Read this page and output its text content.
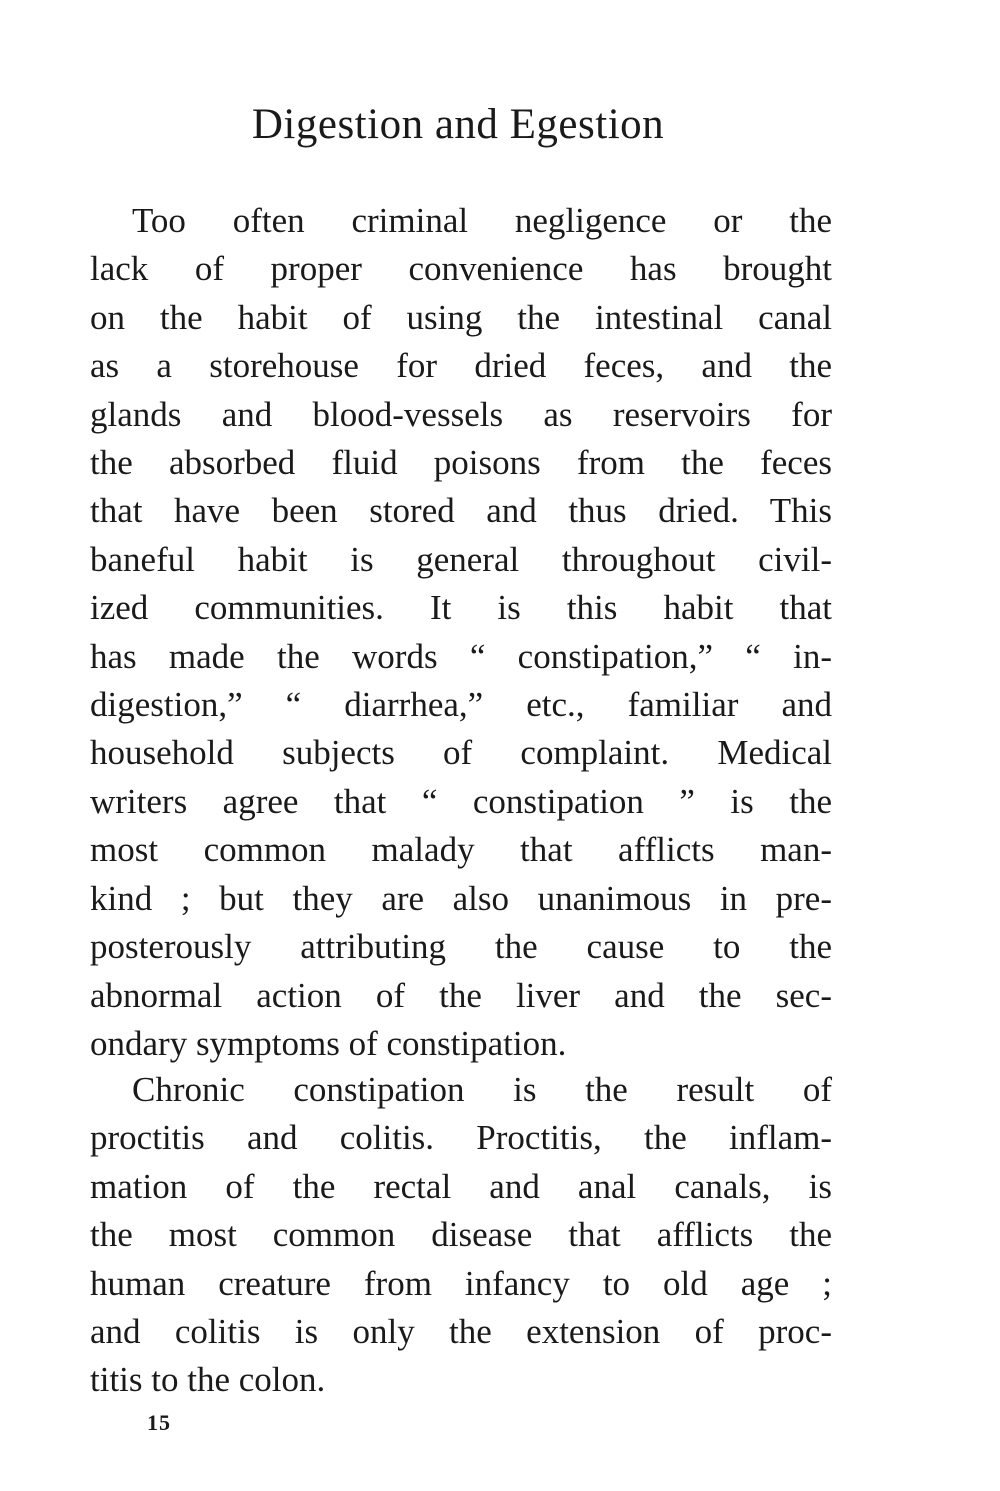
Digestion and Egestion
Too often criminal negligence or the
lack of proper convenience has brought
on the habit of using the intestinal canal
as a storehouse for dried feces, and the
glands and blood-vessels as reservoirs for
the absorbed fluid poisons from the feces
that have been stored and thus dried. This
baneful habit is general throughout civil-
ized communities. It is this habit that
has made the words “ constipation,” “ in-
digestion,” “ diarrhea,” etc., familiar and
household subjects of complaint. Medical
writers agree that “ constipation ” is the
most common malady that afflicts man-
kind ; but they are also unanimous in pre-
posterously attributing the cause to the
abnormal action of the liver and the sec-
ondary symptoms of constipation.
Chronic constipation is the result of
proctitis and colitis. Proctitis, the inflam-
mation of the rectal and anal canals, is
the most common disease that afflicts the
human creature from infancy to old age ;
and colitis is only the extension of proc-
titis to the colon.
15
